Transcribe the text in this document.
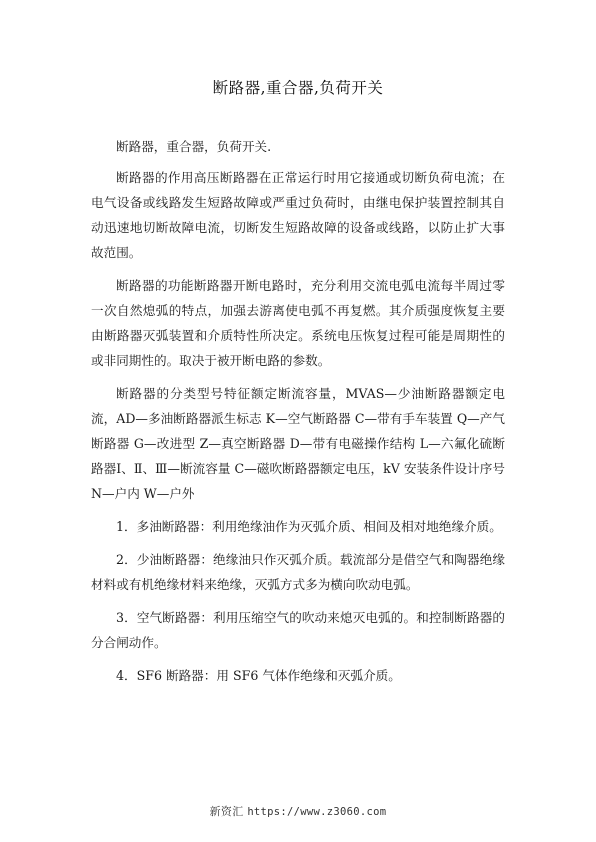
断路器,重合器,负荷开关

断路器，重合器，负荷开关.

断路器的作用高压断路器在正常运行时用它接通或切断负荷电流；在电气设备或线路发生短路故障或严重过负荷时，由继电保护装置控制其自动迅速地切断故障电流，切断发生短路故障的设备或线路，以防止扩大事故范围。

断路器的功能断路器开断电路时，充分利用交流电弧电流每半周过零一次自然熄弧的特点，加强去游离使电弧不再复燃。其介质强度恢复主要由断路器灭弧装置和介质特性所决定。系统电压恢复过程可能是周期性的或非同期性的。取决于被开断电路的参数。

断路器的分类型号特征额定断流容量，MVAS—少油断路器额定电流，AD—多油断路器派生标志 K—空气断路器 C—带有手车装置 Q—产气断路器 G—改进型 Z—真空断路器 D—带有电磁操作结构 L—六氟化硫断路器Ⅰ、Ⅱ、Ⅲ—断流容量 C—磁吹断路器额定电压，kV 安装条件设计序号 N—户内 W—户外

1．多油断路器：利用绝缘油作为灭弧介质、相间及相对地绝缘介质。

2．少油断路器：绝缘油只作灭弧介质。载流部分是借空气和陶器绝缘材料或有机绝缘材料来绝缘，灭弧方式多为横向吹动电弧。

3．空气断路器：利用压缩空气的吹动来熄灭电弧的。和控制断路器的分合闸动作。

4．SF6 断路器：用 SF6 气体作绝缘和灭弧介质。

新资汇 https://www.z3060.com
